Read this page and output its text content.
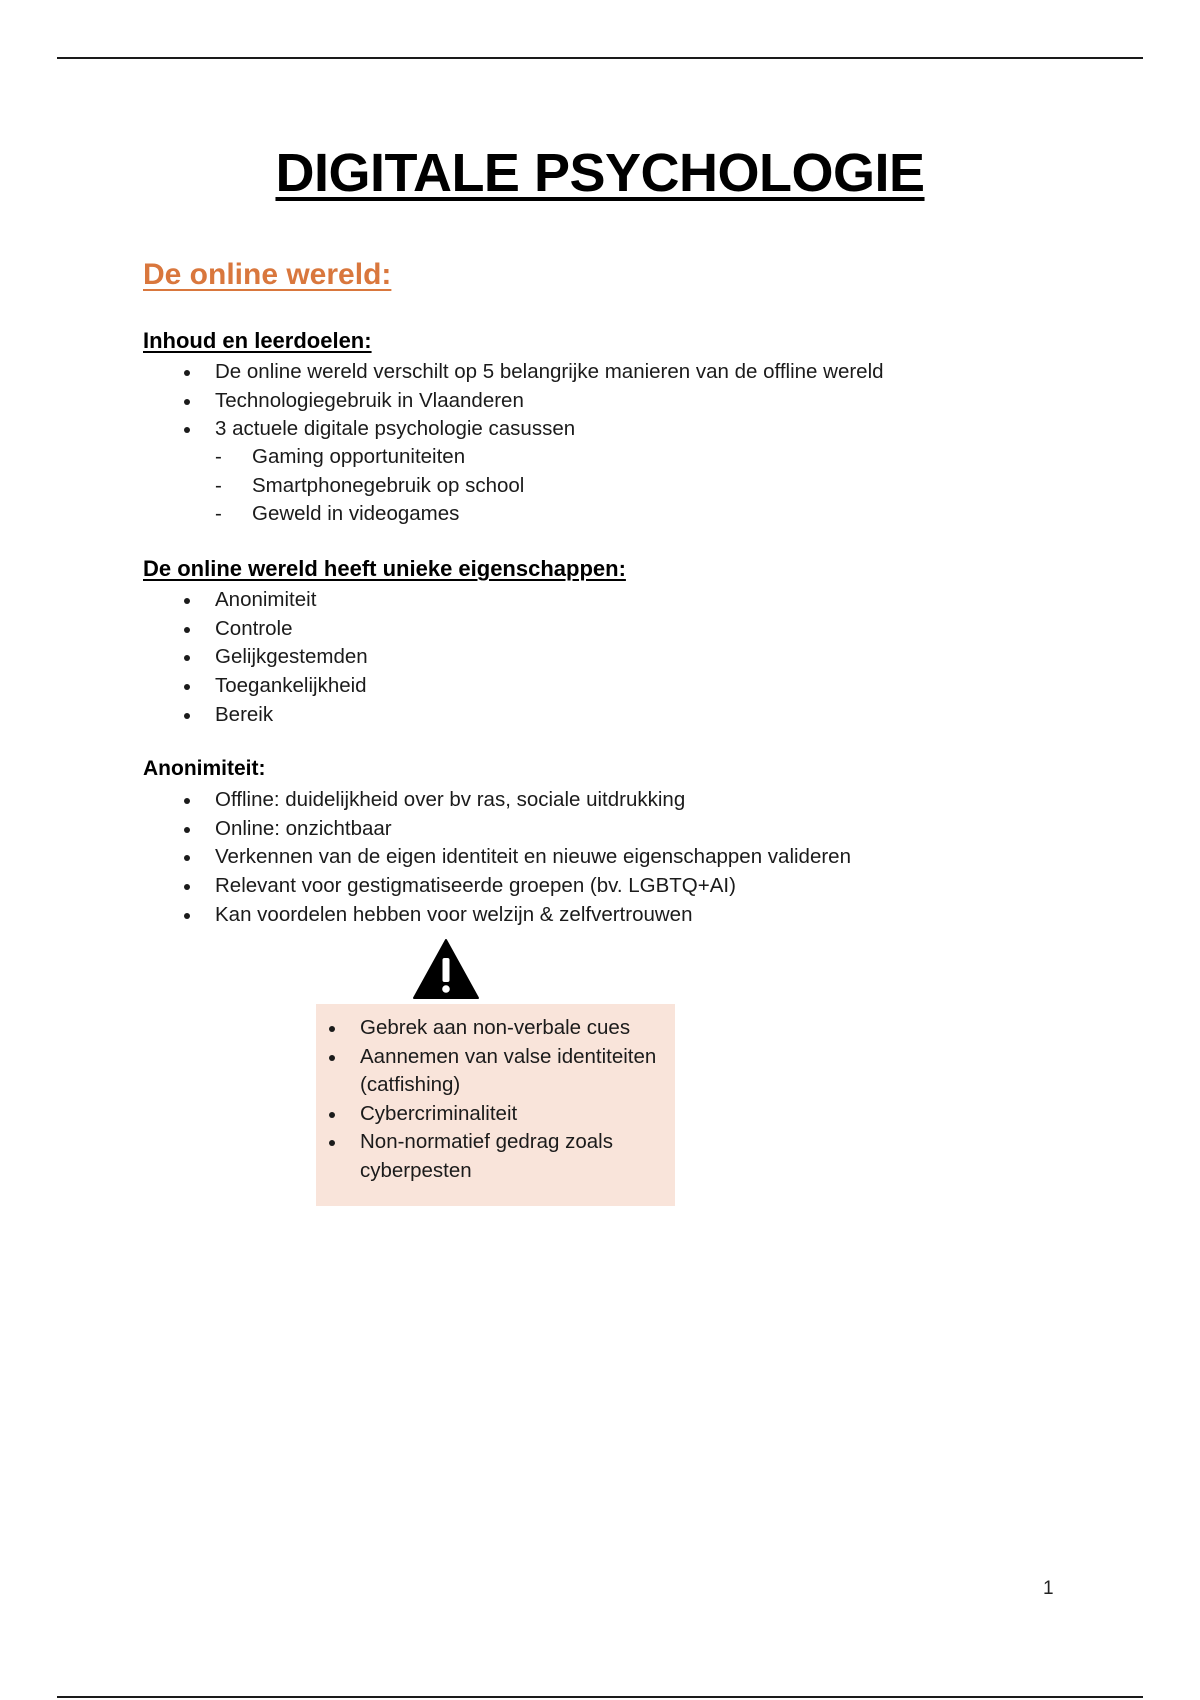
DIGITALE PSYCHOLOGIE
De online wereld:
Inhoud en leerdoelen:
De online wereld verschilt op 5 belangrijke manieren van de offline wereld
Technologiegebruik in Vlaanderen
3 actuele digitale psychologie casussen
- Gaming opportuniteiten
- Smartphonegebruik op school
- Geweld in videogames
De online wereld heeft unieke eigenschappen:
Anonimiteit
Controle
Gelijkgestemden
Toegankelijkheid
Bereik
Anonimiteit:
Offline: duidelijkheid over bv ras, sociale uitdrukking
Online: onzichtbaar
Verkennen van de eigen identiteit en nieuwe eigenschappen valideren
Relevant voor gestigmatiseerde groepen (bv. LGBTQ+AI)
Kan voordelen hebben voor welzijn & zelfvertrouwen
Gebrek aan non-verbale cues
Aannemen van valse identiteiten (catfishing)
Cybercriminaliteit
Non-normatief gedrag zoals cyberpesten
1
